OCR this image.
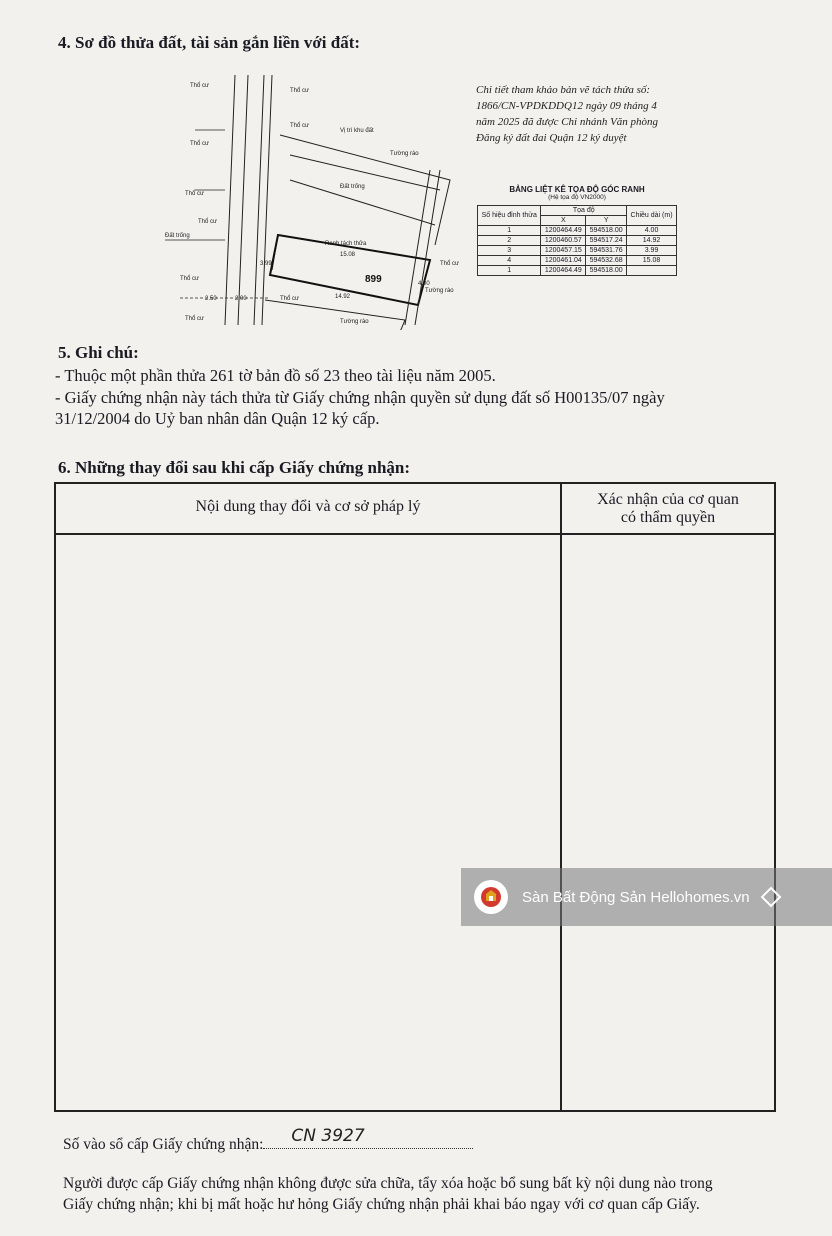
4. Sơ đồ thửa đất, tài sản gắn liền với đất:
Thổ cư
Thổ cư
Thổ cư
Thổ cư
Thổ cư
Thổ cư
Đất trống
Thổ cư
Thổ cư
Thổ cư
Thổ cư
Vị trí khu đất
Tường rào
Đất trống
Tường rào
Tường rào
Ranh tách thửa
15.08
14.92
4.00
3.99
2.50	2.00
899
Chi tiết tham khảo bản vẽ tách thửa số:
1866/CN-VPDKDDQ12 ngày 09 tháng 4
năm 2025 đã được Chi nhánh Văn phòng
Đăng ký đất đai Quận 12 ký duyệt
BẢNG LIỆT KÊ TỌA ĐỘ GÓC RANH
(Hệ tọa độ VN2000)
Số hiệu đỉnh thửa	Tọa độ		Chiều dài (m)
	X	Y	
1	1200464.49	594518.00	4.00
2	1200460.57	594517.24	14.92
3	1200457.15	594531.76	3.99
4	1200461.04	594532.68	15.08
1	1200464.49	594518.00	
5. Ghi chú:
- Thuộc một phần thửa 261 tờ bản đồ số 23 theo tài liệu năm 2005.
- Giấy chứng nhận này tách thửa từ Giấy chứng nhận quyền sử dụng đất số H00135/07 ngày
31/12/2004 do Uỷ ban nhân dân Quận 12 ký cấp.
6. Những thay đổi sau khi cấp Giấy chứng nhận:
Nội dung thay đổi và cơ sở pháp lý	Xác nhận của cơ quan
có thẩm quyền
Sàn Bất Động Sản Hellohomes.vn
Số vào sổ cấp Giấy chứng nhận: CN 3927
Người được cấp Giấy chứng nhận không được sửa chữa, tẩy xóa hoặc bổ sung bất kỳ nội dung nào trong
Giấy chứng nhận; khi bị mất hoặc hư hỏng Giấy chứng nhận phải khai báo ngay với cơ quan cấp Giấy.
